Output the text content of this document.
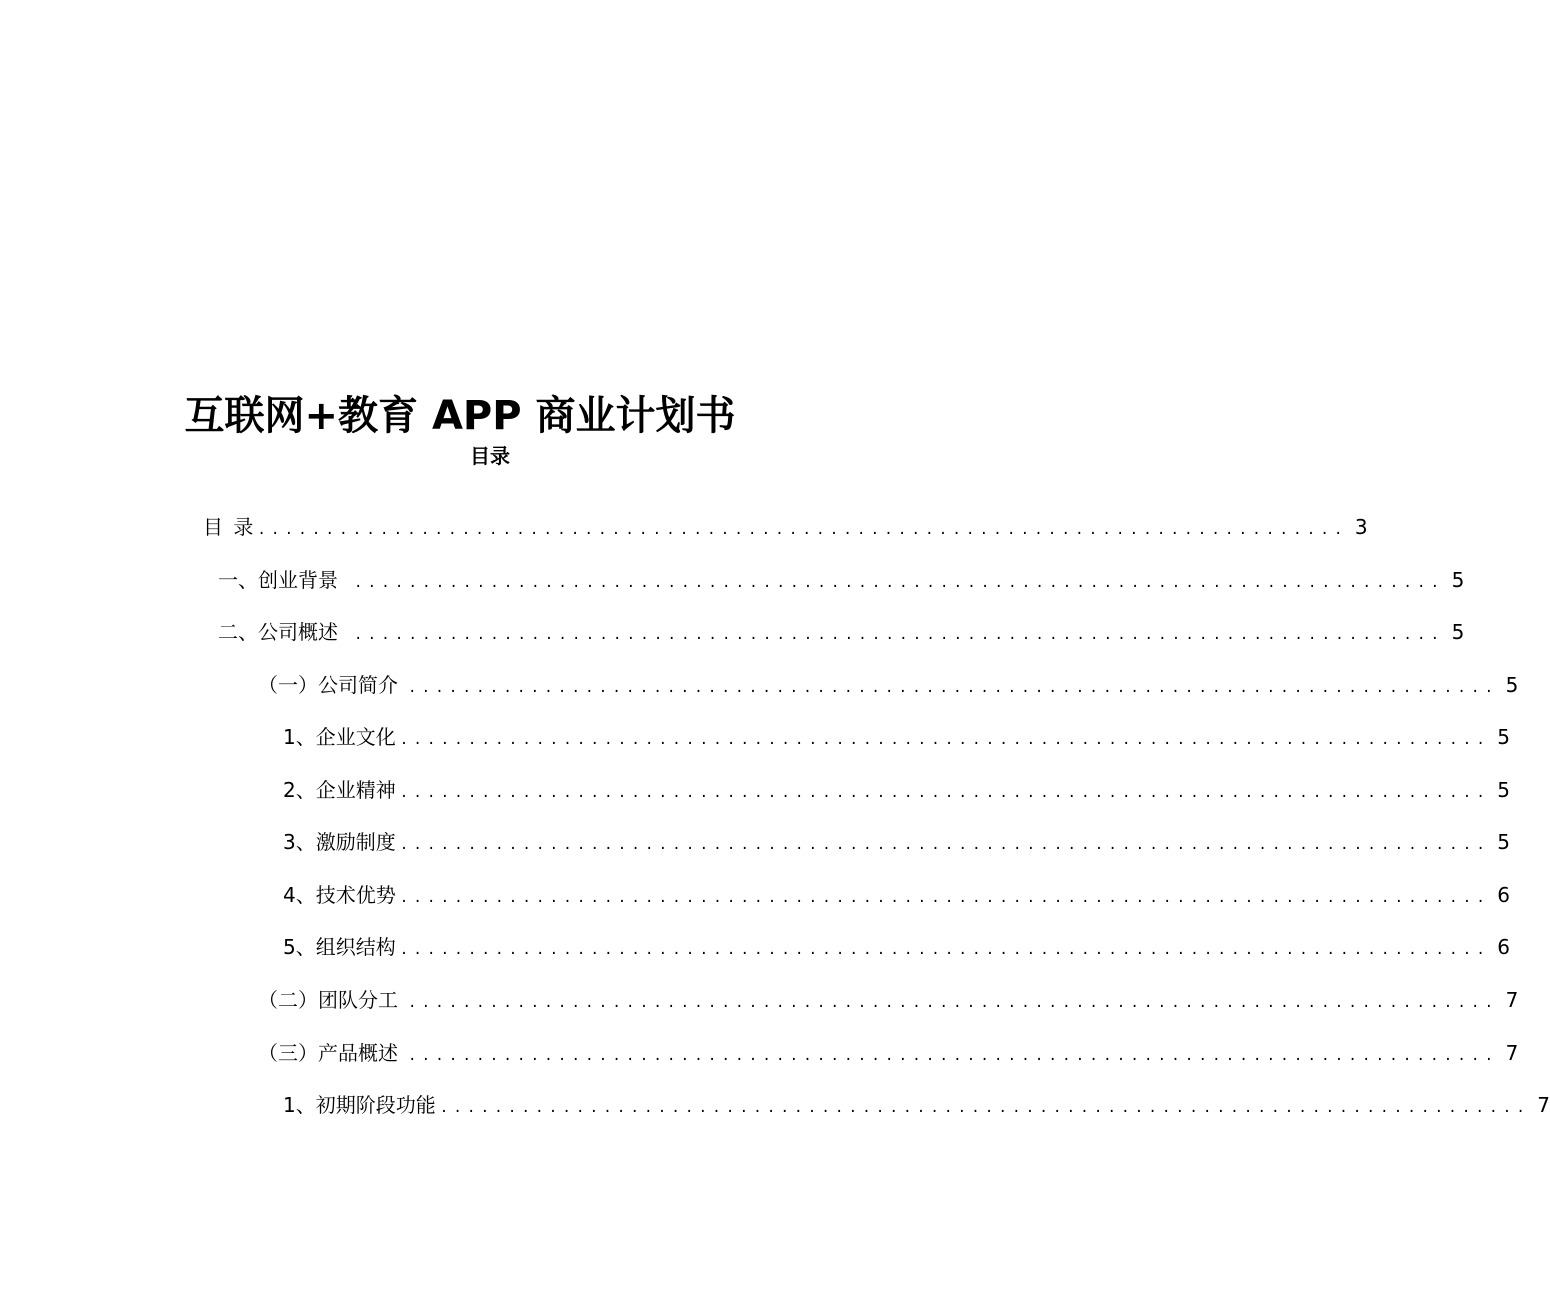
互联网+教育 APP 商业计划书
目录
目 录 ................................................................................ 3
一、 创业背景 ................................................................................ 5
二、 公司概述 ................................................................................ 5
（一） 公司简介 ................................................................................ 5
1、 企业文化 ................................................................................ 5
2、 企业精神 ................................................................................ 5
3、 激励制度 ................................................................................ 5
4、 技术优势 ................................................................................ 6
5、 组织结构 ................................................................................ 6
（二） 团队分工 ................................................................................ 7
（三） 产品概述 ................................................................................ 7
1、 初期阶段功能 ................................................................................ 7
